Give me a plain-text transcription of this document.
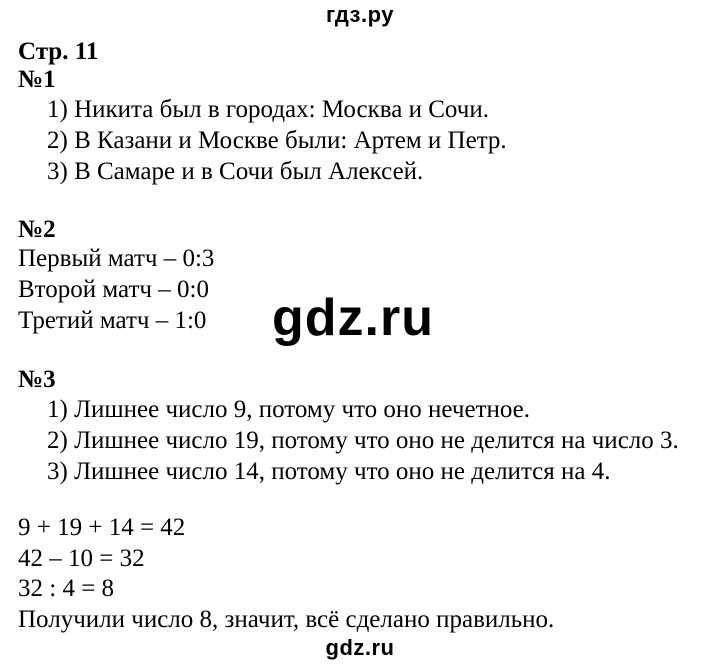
гдз.ру
Стр. 11
№1
1) Никита был в городах: Москва и Сочи.
2) В Казани и Москве были: Артем и Петр.
3) В Самаре и в Сочи был Алексей.
№2
Первый матч – 0:3
Второй матч – 0:0
Третий матч – 1:0 gdz.ru
№3
1) Лишнее число 9, потому что оно нечетное.
2) Лишнее число 19, потому что оно не делится на число 3.
3) Лишнее число 14, потому что оно не делится на 4.
9 + 19 + 14 = 42
42 – 10 = 32
32 : 4 = 8
Получили число 8, значит, всё сделано правильно.
gdz.ru
